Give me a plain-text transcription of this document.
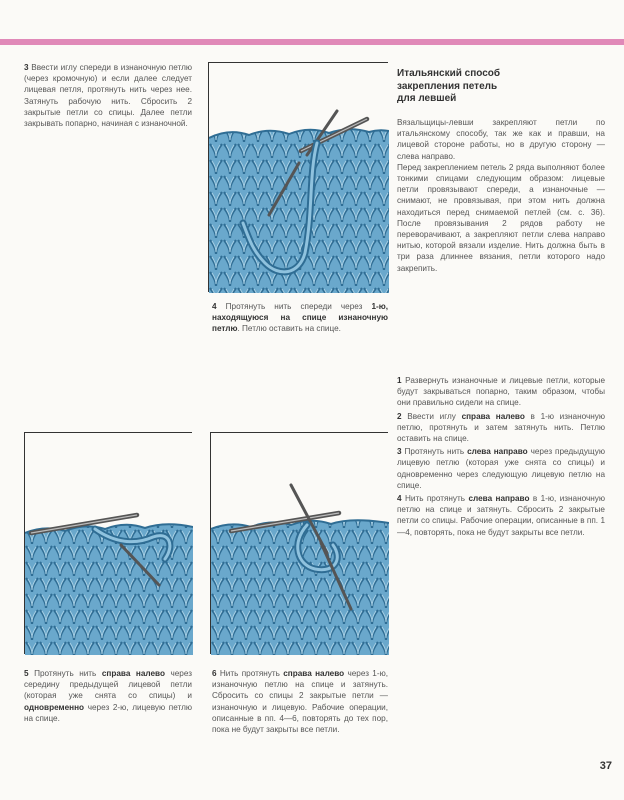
3 Ввести иглу спереди в изнаночную петлю (через кромочную) и если далее следует лицевая петля, протянуть нить через нее. Затянуть рабочую нить. Сбросить 2 закрытые петли со спицы. Далее петли закрывать попарно, начиная с изнаночной.
4 Протянуть нить спереди через 1-ю, находящуюся на спице изнаночную петлю. Петлю оставить на спице.
Итальянский способ
закрепления петель
для левшей
Вязальщицы-левши закрепляют петли по итальянскому способу, так же как и правши, на лицевой стороне работы, но в другую сторону — слева направо.
Перед закреплением петель 2 ряда выполняют более тонкими спицами следующим образом: лицевые петли провязывают спереди, а изнаночные — снимают, не провязывая, при этом нить должна находиться перед снимаемой петлей (см. с. 36). После провязывания 2 рядов работу не переворачивают, а закрепляют петли слева направо нитью, которой вязали изделие. Нить должна быть в три раза длиннее вязания, петли которого надо закрепить.
1 Развернуть изнаночные и лицевые петли, которые будут закрываться попарно, таким образом, чтобы они правильно сидели на спице.
2 Ввести иглу справа налево в 1-ю изнаночную петлю, протянуть и затем затянуть нить. Петлю оставить на спице.
3 Протянуть нить слева направо через предыдущую лицевую петлю (которая уже снята со спицы) и одновременно через следующую лицевую петлю на спице.
4 Нить протянуть слева направо в 1-ю, изнаночную петлю на спице и затянуть. Сбросить 2 закрытые петли со спицы. Рабочие операции, описанные в пп. 1—4, повторять, пока не будут закрыты все петли.
5 Протянуть нить справа налево через середину предыдущей лицевой петли (которая уже снята со спицы) и одновременно через 2-ю, лицевую петлю на спице.
6 Нить протянуть справа налево через 1-ю, изнаночную петлю на спице и затянуть. Сбросить со спицы 2 закрытые петли — изнаночную и лицевую. Рабочие операции, описанные в пп. 4—6, повторять до тех пор, пока не будут закрыты все петли.
37
